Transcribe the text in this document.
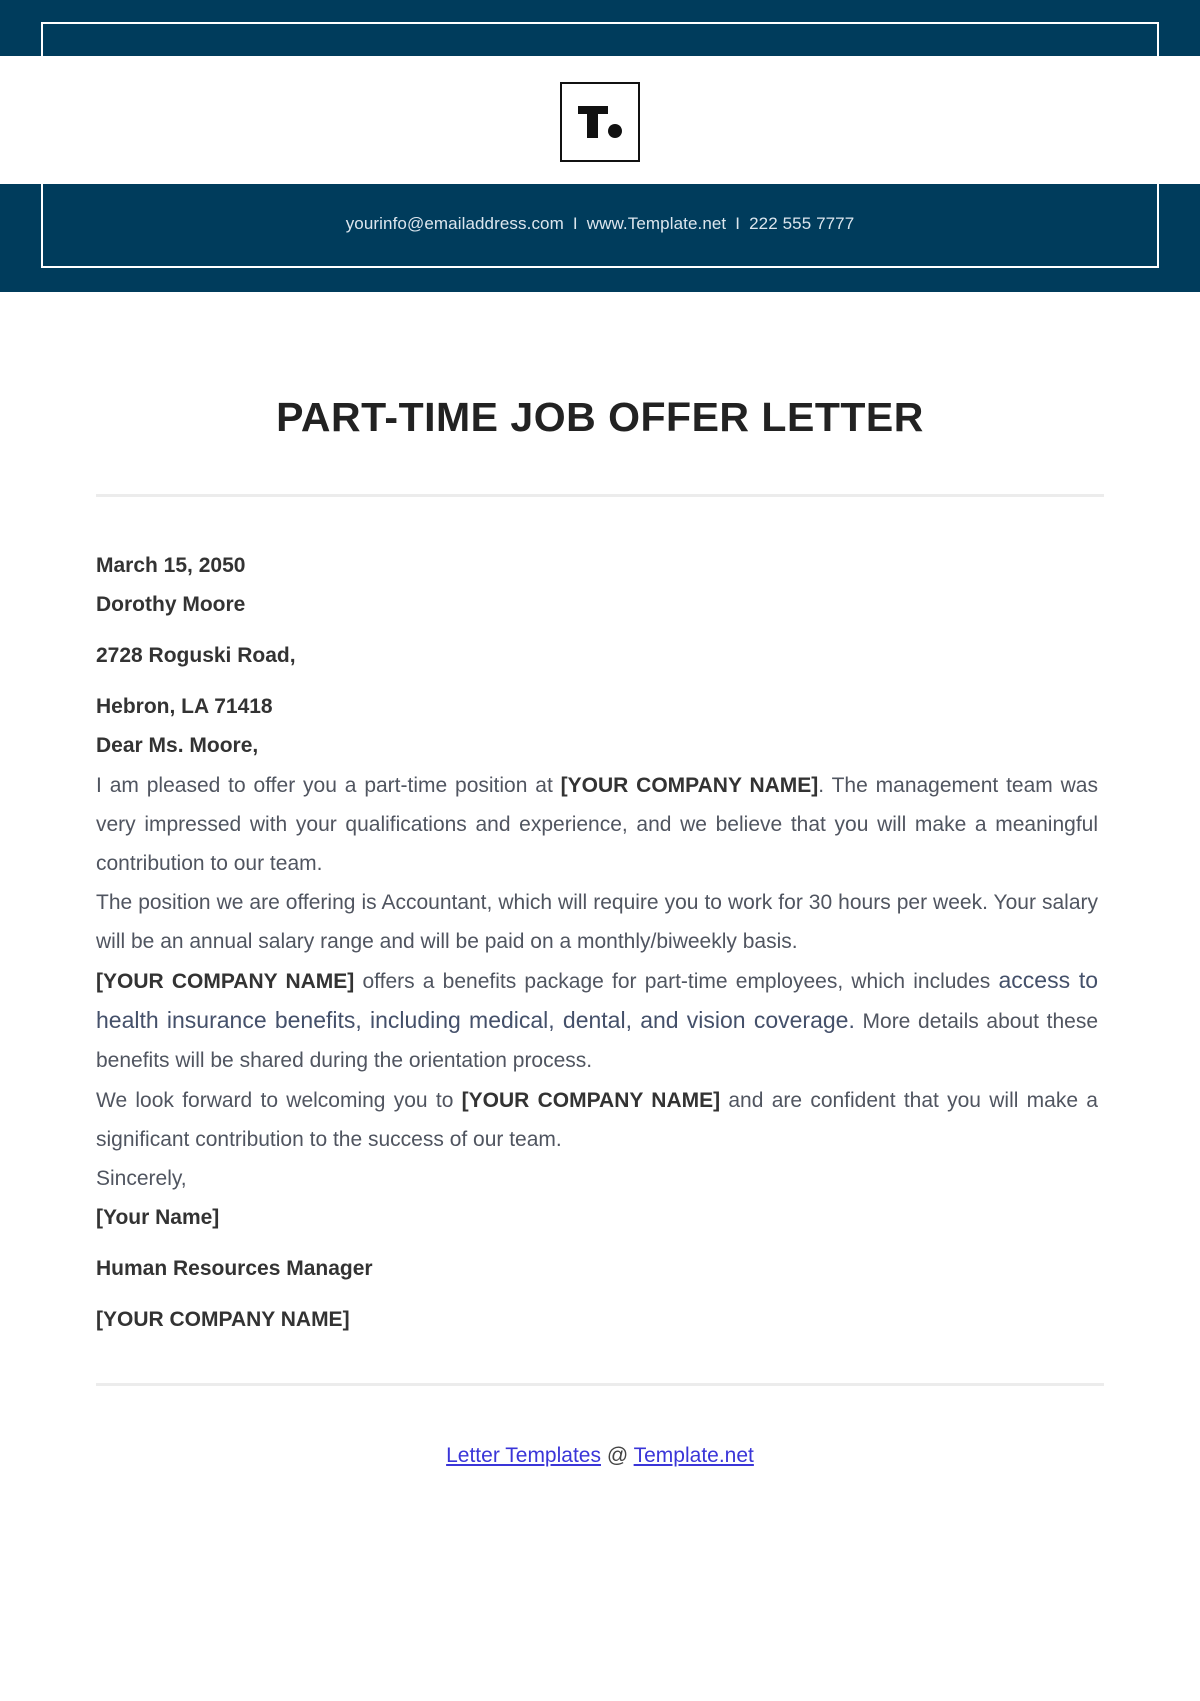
yourinfo@emailaddress.com I www.Template.net I 222 555 7777
PART-TIME JOB OFFER LETTER
March 15, 2050
Dorothy Moore
2728 Roguski Road,
Hebron, LA 71418
Dear Ms. Moore,
I am pleased to offer you a part-time position at [YOUR COMPANY NAME]. The management team was very impressed with your qualifications and experience, and we believe that you will make a meaningful contribution to our team.
The position we are offering is Accountant, which will require you to work for 30 hours per week. Your salary will be an annual salary range and will be paid on a monthly/biweekly basis.
[YOUR COMPANY NAME] offers a benefits package for part-time employees, which includes access to health insurance benefits, including medical, dental, and vision coverage. More details about these benefits will be shared during the orientation process.
We look forward to welcoming you to [YOUR COMPANY NAME] and are confident that you will make a significant contribution to the success of our team.
Sincerely,
[Your Name]
Human Resources Manager
[YOUR COMPANY NAME]
Letter Templates @ Template.net
